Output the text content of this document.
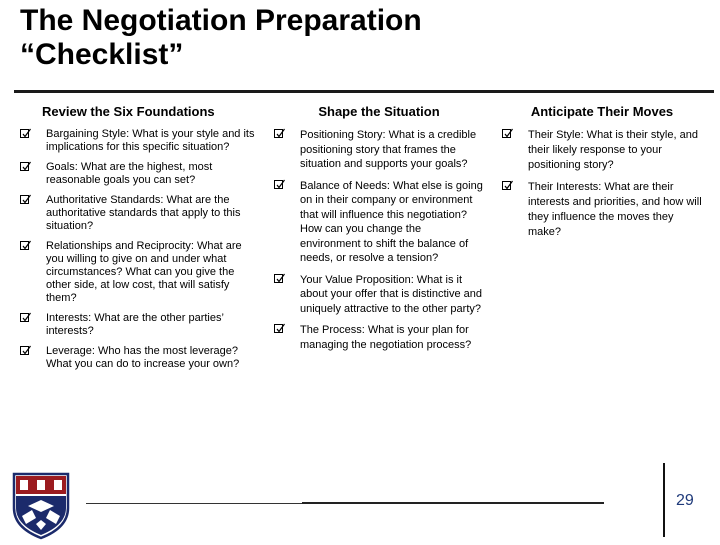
The Negotiation Preparation
“Checklist”
Review the Six Foundations
Bargaining Style: What is your style and its implications for this specific situation?
Goals: What are the highest, most reasonable goals you can set?
Authoritative Standards: What are the authoritative standards that apply to this situation?
Relationships and Reciprocity: What are you willing to give on and under what circumstances? What can you give the other side, at low cost, that will satisfy them?
Interests: What are the other parties’ interests?
Leverage: Who has the most leverage? What you can do to increase your own?
Shape the Situation
Positioning Story: What is a credible positioning story that frames the situation and supports your goals?
Balance of Needs: What else is going on in their company or environment that will influence this negotiation? How can you change the environment to shift the balance of needs, or resolve a tension?
Your Value Proposition: What is it about your offer that is distinctive and uniquely attractive to the other party?
The Process: What is your plan for managing the negotiation process?
Anticipate Their Moves
Their Style: What is their style, and their likely response to your positioning story?
Their Interests: What are their interests and priorities, and how will they influence the moves they make?
29
